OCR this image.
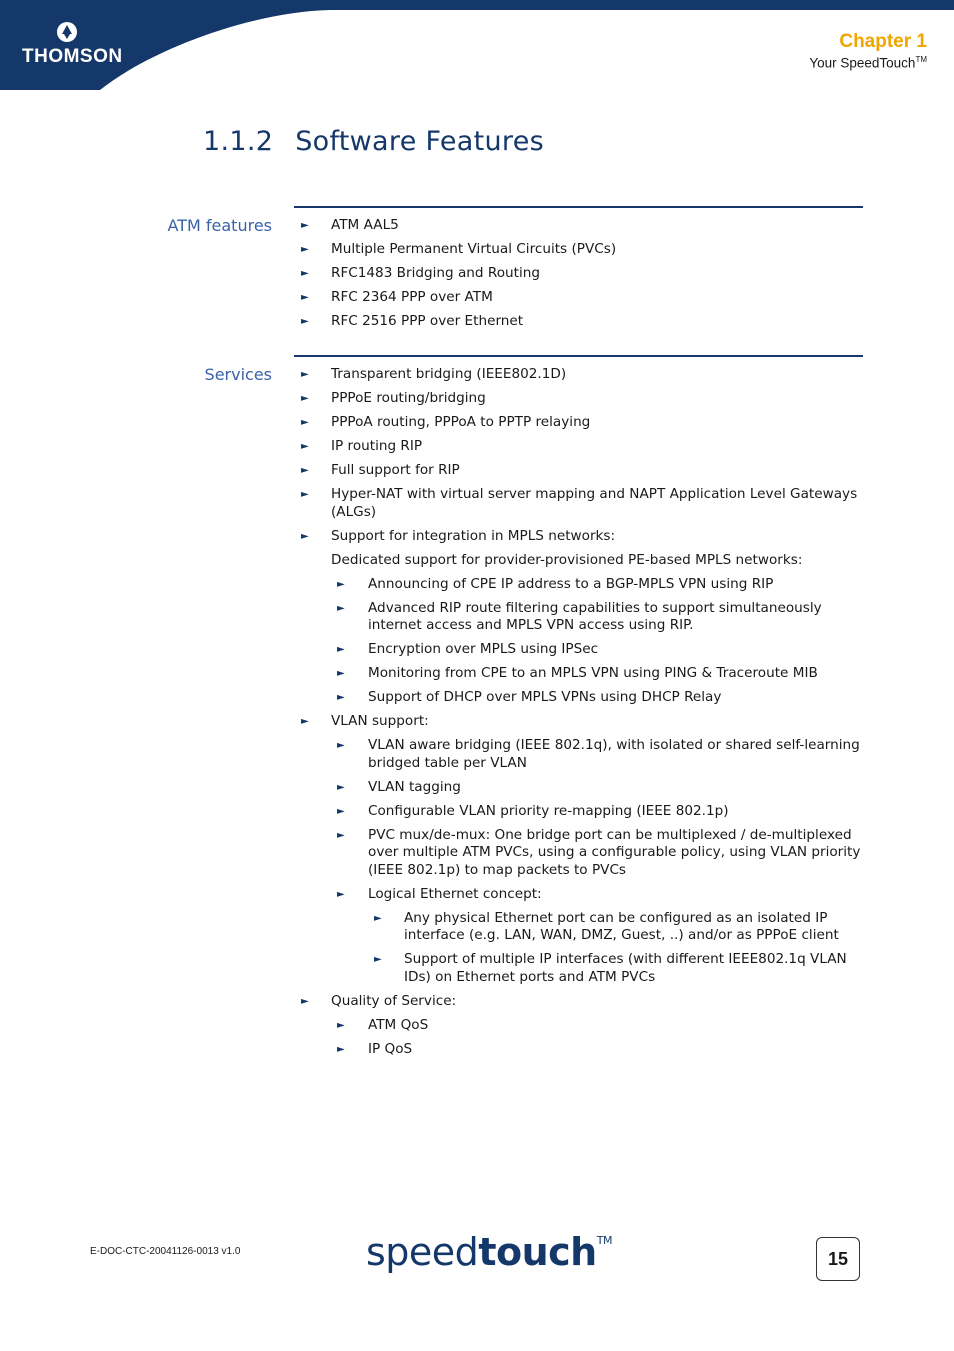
THOMSON
Chapter 1
Your SpeedTouch™
1.1.2 Software Features
ATM features	► ATM AAL5
► Multiple Permanent Virtual Circuits (PVCs)
► RFC1483 Bridging and Routing
► RFC 2364 PPP over ATM
► RFC 2516 PPP over Ethernet
Services	► Transparent bridging (IEEE802.1D)
► PPPoE routing/bridging
► PPPoA routing, PPPoA to PPTP relaying
► IP routing RIP
► Full support for RIP
► Hyper-NAT with virtual server mapping and NAPT Application Level Gateways (ALGs)
► Support for integration in MPLS networks:
Dedicated support for provider-provisioned PE-based MPLS networks:
► Announcing of CPE IP address to a BGP-MPLS VPN using RIP
► Advanced RIP route filtering capabilities to support simultaneously internet access and MPLS VPN access using RIP.
► Encryption over MPLS using IPSec
► Monitoring from CPE to an MPLS VPN using PING & Traceroute MIB
► Support of DHCP over MPLS VPNs using DHCP Relay
► VLAN support:
► VLAN aware bridging (IEEE 802.1q), with isolated or shared self-learning bridged table per VLAN
► VLAN tagging
► Configurable VLAN priority re-mapping (IEEE 802.1p)
► PVC mux/de-mux: One bridge port can be multiplexed / de-multiplexed over multiple ATM PVCs, using a configurable policy, using VLAN priority (IEEE 802.1p) to map packets to PVCs
► Logical Ethernet concept:
► Any physical Ethernet port can be configured as an isolated IP interface (e.g. LAN, WAN, DMZ, Guest, ..) and/or as PPPoE client
► Support of multiple IP interfaces (with different IEEE802.1q VLAN IDs) on Ethernet ports and ATM PVCs
► Quality of Service:
► ATM QoS
► IP QoS
E-DOC-CTC-20041126-0013 v1.0	speedtouch™
15
